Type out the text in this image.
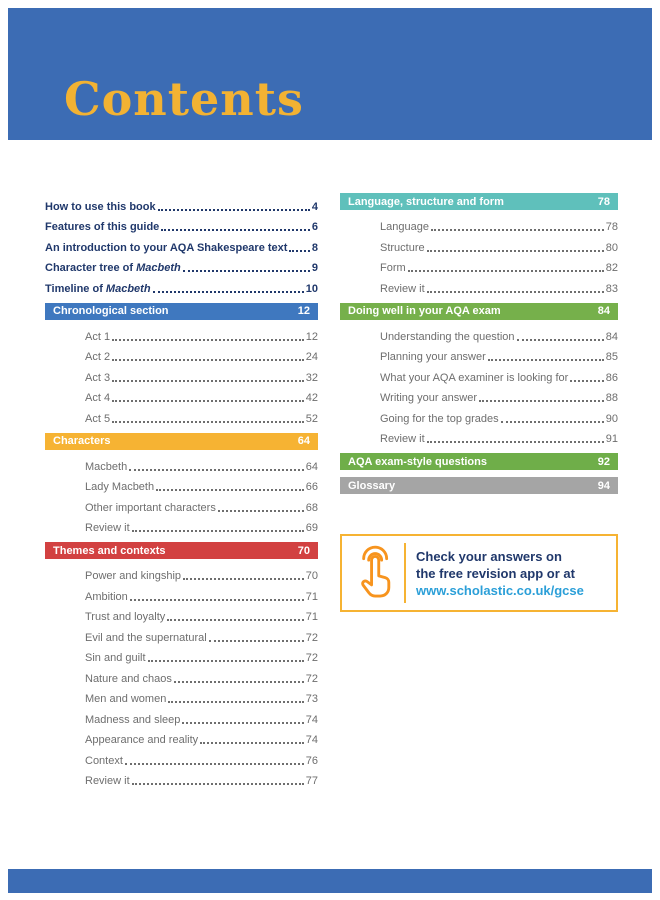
Contents
How to use this book	4
Features of this guide	6
An introduction to your AQA Shakespeare text 8
Character tree of Macbeth	9
Timeline of Macbeth	10
Chronological section	12
Act 1	12
Act 2	24
Act 3	32
Act 4	42
Act 5	52
Characters	64
Macbeth	64
Lady Macbeth	66
Other important characters	68
Review it	69
Themes and contexts	70
Power and kingship	70
Ambition	71
Trust and loyalty	71
Evil and the supernatural	72
Sin and guilt	72
Nature and chaos	72
Men and women	73
Madness and sleep	74
Appearance and reality	74
Context	76
Review it	77
Language, structure and form	78
Language	78
Structure	80
Form	82
Review it	83
Doing well in your AQA exam	84
Understanding the question	84
Planning your answer	85
What your AQA examiner is looking for	86
Writing your answer	88
Going for the top grades	90
Review it	91
AQA exam-style questions	92
Glossary	94
Check your answers on
the free revision app or at
www.scholastic.co.uk/gcse
